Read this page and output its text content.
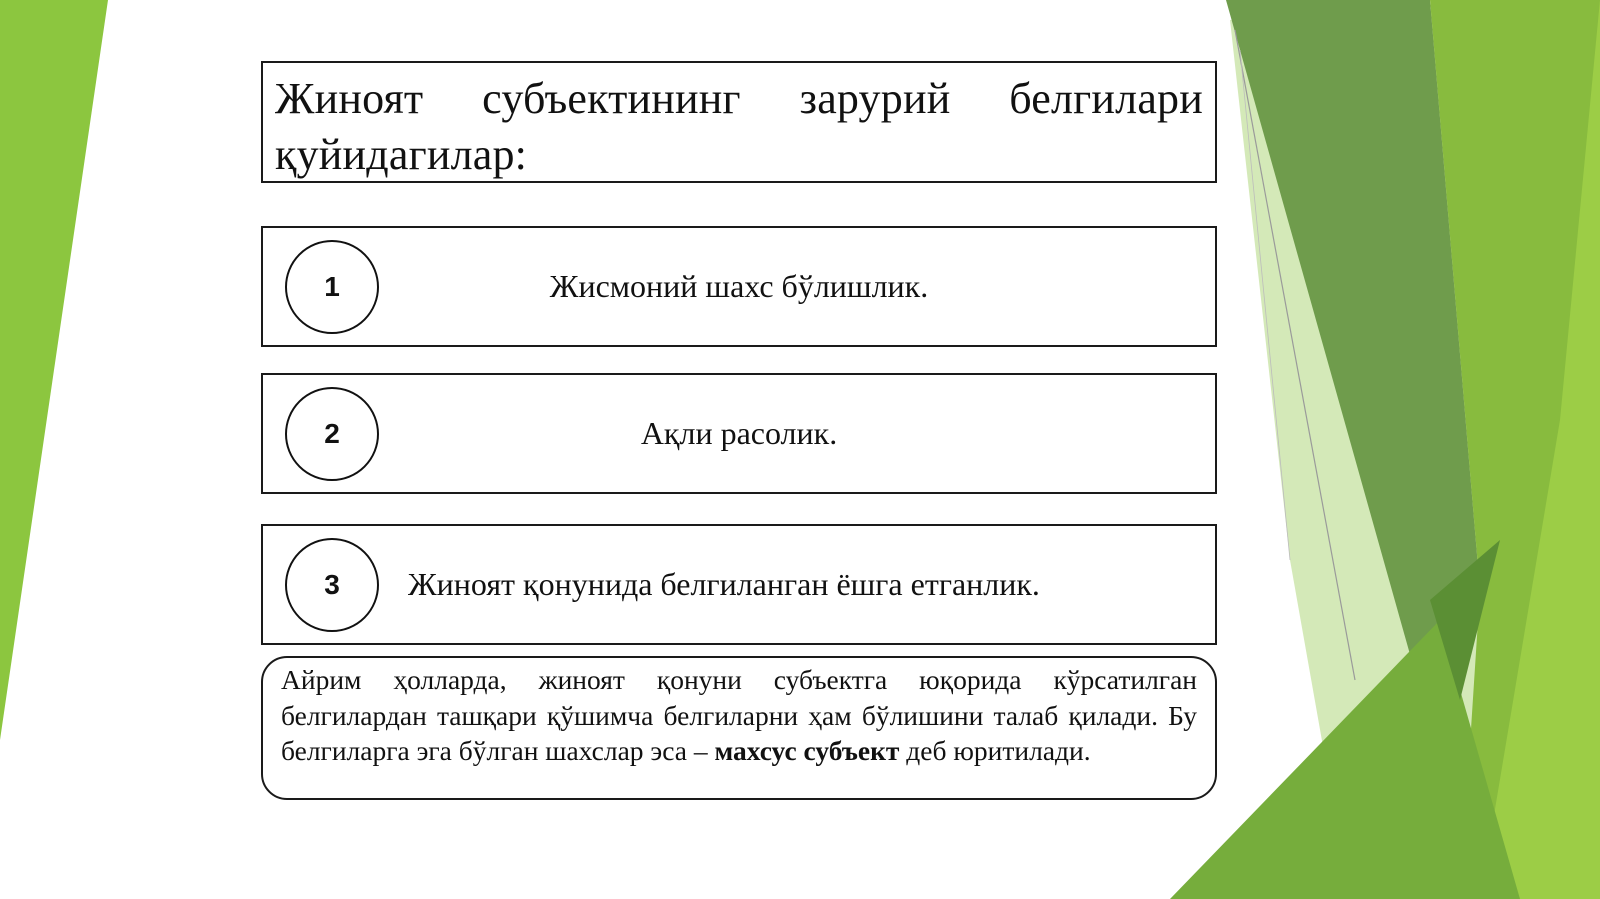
Жиноят субъектининг зарурий белгилари қуйидагилар:
1	Жисмоний шахс бўлишлик.
2	Ақли расолик.
3 Жиноят қонунида белгиланган ёшга етганлик.
Айрим ҳолларда, жиноят қонуни субъектга юқорида кўрсатилган белгилардан ташқари қўшимча белгиларни ҳам бўлишини талаб қилади. Бу белгиларга эга бўлган шахслар эса – махсус субъект деб юритилади.
